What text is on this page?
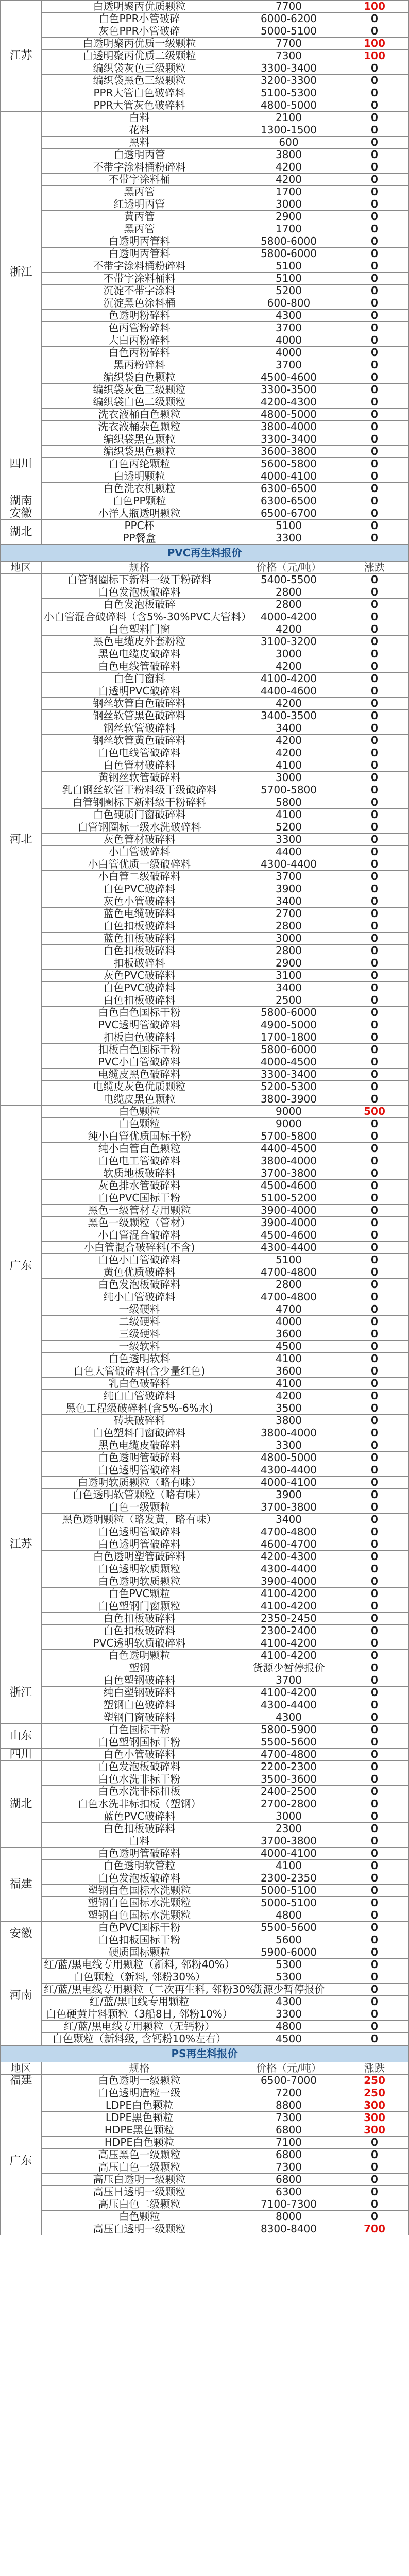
江苏	白透明聚丙优质颗粒	7700	100
	白色PPR小管破碎	6000-6200	0
	灰色PPR小管破碎	5000-5100	0
	白透明聚丙优质一级颗粒	7700	100
	白透明聚丙优质二级颗粒	7300	100
	编织袋灰色三级颗粒	3300-3400	0
	编织袋黑色三级颗粒	3200-3300	0
	PPR大管白色破碎料	5100-5300	0
	PPR大管灰色破碎料	4800-5000	0
浙江	白料	2100	0
	花料	1300-1500	0
	黑料	600	0
	白透明丙管	3800	0
	不带字涂料桶粉碎料	4200	0
	不带字涂料桶	4200	0
	黑丙管	1700	0
	红透明丙管	3000	0
	黄丙管	2900	0
	黑丙管	1700	0
	白透明丙管料	5800-6000	0
	白透明丙管料	5800-6000	0
	不带字涂料桶粉碎料	5100	0
	不带字涂料桶料	5100	0
	沉淀不带字涂料	5200	0
	沉淀黑色涂料桶	600-800	0
	色透明粉碎料	4300	0
	色丙管粉碎料	3700	0
	大白丙粉碎料	4000	0
	白色丙粉碎料	4000	0
	黑丙粉碎料	3700	0
	编织袋白色颗粒	4500-4600	0
	编织袋灰色三级颗粒	3300-3500	0
	编织袋白色二级颗粒	4200-4300	0
	洗衣液桶白色颗粒	4800-5000	0
	洗衣液桶杂色颗粒	3800-4000	0
四川	编织袋黑色颗粒	3300-3400	0
	编织袋黑色颗粒	3600-3800	0
	白色丙纶颗粒	5600-5800	0
	白透明颗粒	4000-4100	0
	白色洗衣机颗粒	6300-6500	0
湖南	白色PP颗粒	6300-6500	0
安徽	小洋人瓶透明颗粒	6500-6700	0
湖北	PPC杯	5100	0
	PP餐盒	3300	0
PVC再生料报价			
地区	规格	价格（元/吨）	涨跌
河北	白管钢圈标下新料一级干粉碎料	5400-5500	0
	白色发泡板破碎料	2800	0
	白色发泡板破碎	2800	0
	小白管混合破碎料（含5%-30%PVC大管料）	4000-4200	0
	白色塑料门窗	4200	0
	黑色电缆皮外套粉粒	3100-3200	0
	黑色电缆皮破碎料	3000	0
	白色电线管破碎料	4200	0
	白色门窗料	4100-4200	0
	白透明PVC破碎料	4400-4600	0
	钢丝软管白色破碎料	4200	0
	钢丝软管黑色破碎料	3400-3500	0
	钢丝软管破碎料	3400	0
	钢丝软管黄色破碎料	4200	0
	白色电线管破碎料	4200	0
	白色管材破碎料	4100	0
	黄钢丝软管破碎料	3000	0
	乳白钢丝软管干粉料级干级破碎料	5700-5800	0
	白管钢圈标下新料级干粉碎料	5800	0
	白色硬质门窗破碎料	4100	0
	白管钢圈标一级水洗破碎料	5200	0
	灰色管材破碎料	3300	0
	小白管破碎料	4400	0
	小白管优质一级破碎料	4300-4400	0
	小白管二级破碎料	3700	0
	白色PVC破碎料	3900	0
	灰色小管破碎料	3400	0
	蓝色电缆破碎料	2700	0
	白色扣板破碎料	2800	0
	蓝色扣板破碎料	3000	0
	白色扣板破碎料	2800	0
	扣板破碎料	2900	0
	灰色PVC破碎料	3100	0
	白色PVC破碎料	3400	0
	白色扣板破碎料	2500	0
	白色白色国标干粉	5800-6000	0
	PVC透明管破碎料	4900-5000	0
	扣板白色破碎料	1700-1800	0
	扣板白色国标干粉	5800-6000	0
	PVC小白管破碎料	4000-4500	0
	电缆皮黑色破碎料	3300-3400	0
	电缆皮灰色优质颗粒	5200-5300	0
	电缆皮黑色颗粒	3800-3900	0
广东	白色颗粒	9000	500
	白色颗粒	9000	0
	纯小白管优质国标干粉	5700-5800	0
	纯小白管白色颗粒	4400-4500	0
	白色电工管破碎料	3800-4000	0
	软质地板破碎料	3700-3800	0
	灰色排水管破碎料	4500-4600	0
	白色PVC国标干粉	5100-5200	0
	黑色一级管材专用颗粒	3900-4000	0
	黑色一级颗粒（管材）	3900-4000	0
	小白管混合破碎料	4500-4600	0
	小白管混合破碎料(不含)	4300-4400	0
	白色小白管破碎料	5100	0
	黄色优质破碎料	4700-4800	0
	白色发泡板破碎料	2800	0
	纯小白管破碎料	4700-4800	0
	一级硬料	4700	0
	二级硬料	4000	0
	三级硬料	3600	0
	一级软料	4500	0
	白色透明软料	4100	0
	白色大管破碎料(含少量红色)	3600	0
	乳白色破碎料	4100	0
	纯白白管破碎料	4200	0
	黑色工程级破碎料(含5%-6%水)	3500	0
	砖块破碎料	3800	0
江苏	白色塑料门窗破碎料	3800-4000	0
	黑色电缆皮破碎料	3300	0
	白色透明管破碎料	4800-5000	0
	白色透明管破碎料	4300-4400	0
	白透明软质颗粒（略有味）	4000-4100	0
	白色透明软管颗粒（略有味）	3900	0
	白色一级颗粒	3700-3800	0
	黑色透明颗粒（略发黄，略有味）	3400	0
	白色透明管破碎料	4700-4800	0
	白色透明管破碎料	4600-4700	0
	白色透明塑管破碎料	4200-4300	0
	白色透明软质颗粒	4300-4400	0
	白色透明软质颗粒	3900-4000	0
	白色PVC颗粒	4100-4200	0
	白色塑钢门窗颗粒	4100-4200	0
	白色扣板破碎料	2350-2450	0
	白色扣板破碎料	2300-2400	0
	PVC透明软质破碎料	4100-4200	0
	白色透明颗粒	4100-4200	0
浙江	塑钢	货源少暂停报价	0
	白色塑钢破碎料	3700	0
	纯白塑钢破碎料	4100-4200	0
	塑钢白色破碎料	4300-4400	0
	塑钢门窗破碎料	4300	0
山东	白色国标干粉	5800-5900	0
	白色塑钢国标干粉	5500-5600	0
四川	白色小管破碎料	4700-4800	0
湖北	白色发泡板破碎料	2200-2300	0
	白色水洗非标干粉	3500-3600	0
	白色水洗非标扣板	2400-2500	0
	白色水洗非标扣板（塑钢）	2700-2800	0
	蓝色PVC破碎料	3000	0
	白色扣板破碎料	2300	0
	白料	3700-3800	0
福建	白色透明管破碎料	4000-4100	0
	白色透明软管粒	4100	0
	白色发泡板破碎料	2300-2350	0
	塑钢白色国标水洗颗粒	5000-5100	0
	塑钢白色国标水洗颗粒	5000-5100	0
	塑钢白色国标水洗颗粒	4800	0
安徽	白色PVC国标干粉	5500-5600	0
	白色扣板国标干粉	5600	0
河南	硬质国标颗粒	5900-6000	0
	红/蓝/黑电线专用颗粒（新料, 邻粉40%）	5300	0
	白色颗粒（新料, 邻粉30%）	5300	0
	红/蓝/黑电线专用颗粒（二次再生料, 邻粉30%）	货源少暂停报价	0
	红/蓝/黑电线专用颗粒	4300	0
	白色硬黄片料颗粒（3船8日, 邻粉10%）	3300	0
	红/蓝/黑电线专用颗粒（无钙粉）	4800	0
	白色颗粒（新料级, 含钙粉10%左右）	4500	0
PS再生料报价			
地区	规格	价格（元/吨）	涨跌
福建	白色透明一级颗粒	6500-7000	250
广东	白色透明造粒一级	7200	250
	LDPE白色颗粒	8800	300
	LDPE黑色颗粒	7300	300
	HDPE黑色颗粒	6800	300
	HDPE白色颗粒	7100	0
	高压黑色一级颗粒	6800	0
	高压白色一级颗粒	7300	0
	高压白透明一级颗粒	6800	0
	高压日透明一级颗粒	6300	0
	高压白色二级颗粒	7100-7300	0
	白色颗粒	8000	0
	高压白透明一级颗粒	8300-8400	700
